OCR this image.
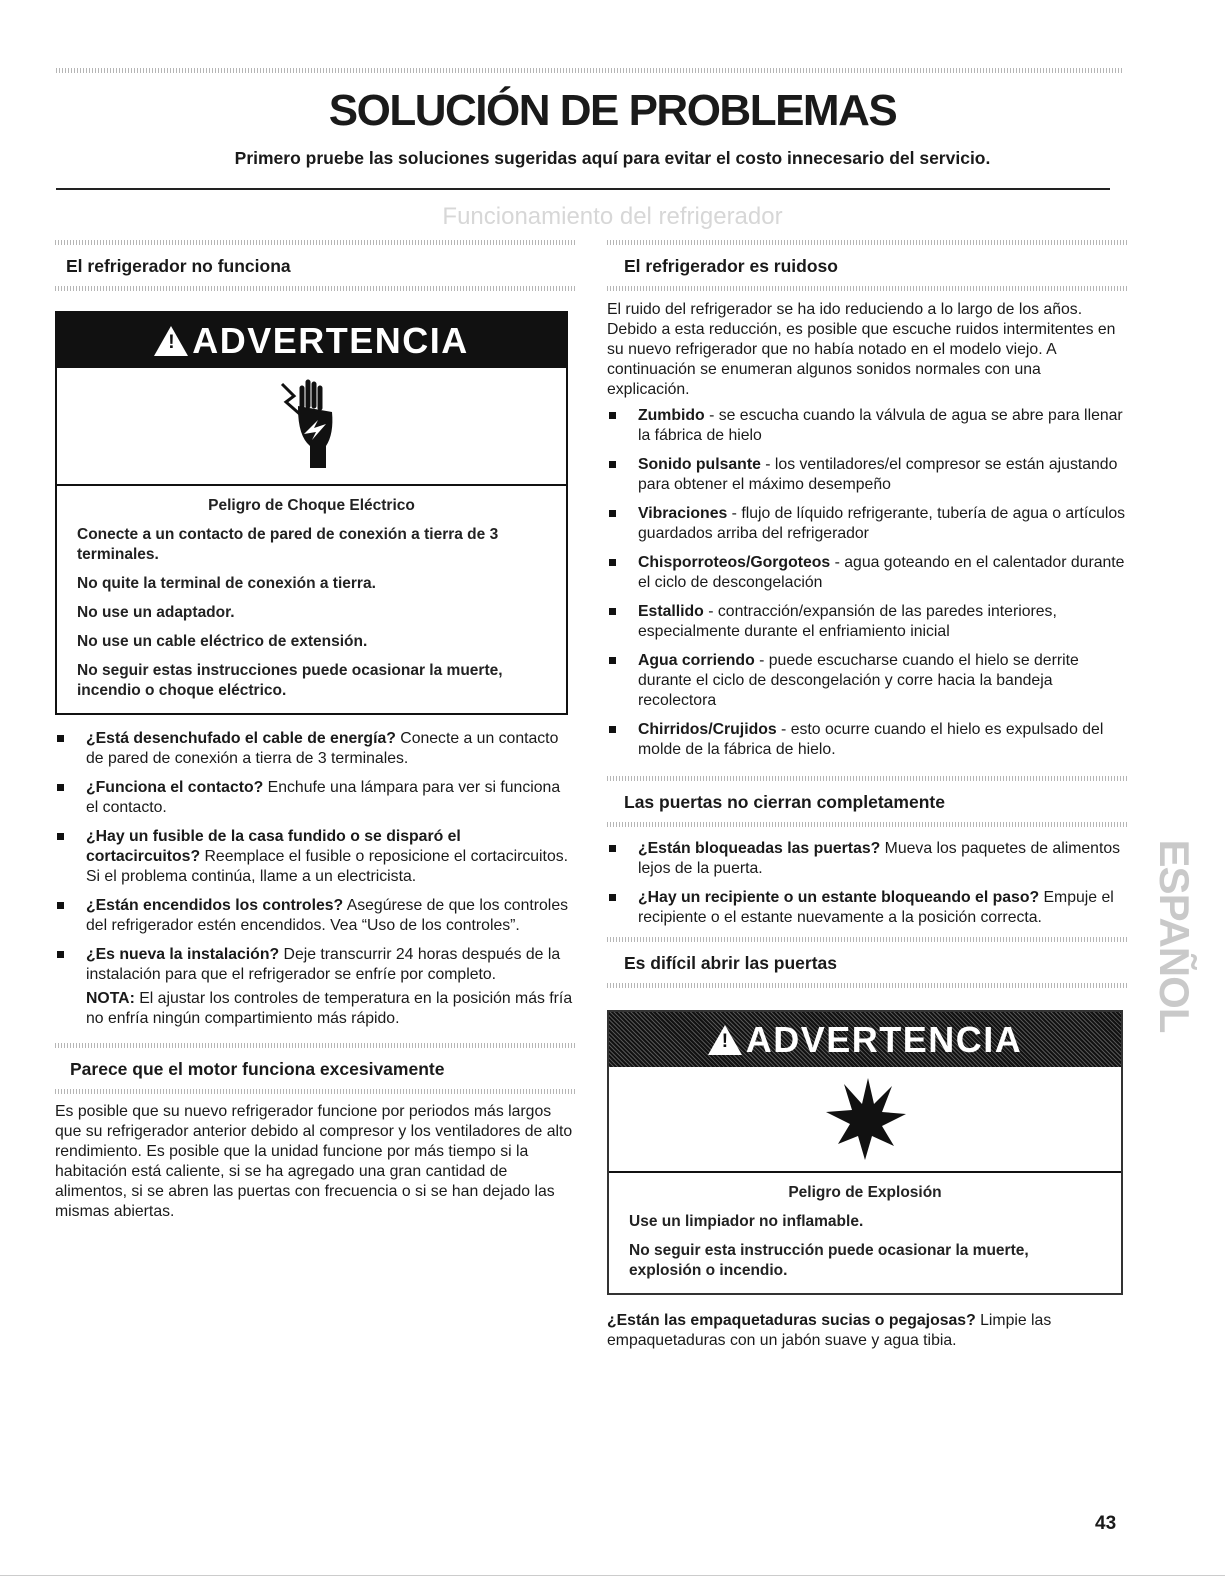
SOLUCIÓN DE PROBLEMAS
Primero pruebe las soluciones sugeridas aquí para evitar el costo innecesario del servicio.
Funcionamiento del refrigerador
El refrigerador no funciona
! ADVERTENCIA

Peligro de Choque Eléctrico

Conecte a un contacto de pared de conexión a tierra de 3 terminales.

No quite la terminal de conexión a tierra.

No use un adaptador.

No use un cable eléctrico de extensión.

No seguir estas instrucciones puede ocasionar la muerte, incendio o choque eléctrico.

¿Está desenchufado el cable de energía? Conecte a un contacto de pared de conexión a tierra de 3 terminales.
¿Funciona el contacto? Enchufe una lámpara para ver si funciona el contacto.
¿Hay un fusible de la casa fundido o se disparó el cortacircuitos? Reemplace el fusible o reposicione el cortacircuitos. Si el problema continúa, llame a un electricista.
¿Están encendidos los controles? Asegúrese de que los controles del refrigerador estén encendidos. Vea “Uso de los controles”.
¿Es nueva la instalación? Deje transcurrir 24 horas después de la instalación para que el refrigerador se enfríe por completo.
NOTA: El ajustar los controles de temperatura en la posición más fría no enfría ningún compartimiento más rápido.
Parece que el motor funciona excesivamente

Es posible que su nuevo refrigerador funcione por periodos más largos que su refrigerador anterior debido al compresor y los ventiladores de alto rendimiento. Es posible que la unidad funcione por más tiempo si la habitación está caliente, si se ha agregado una gran cantidad de alimentos, si se abren las puertas con frecuencia o si se han dejado las mismas abiertas.

El refrigerador es ruidoso

El ruido del refrigerador se ha ido reduciendo a lo largo de los años. Debido a esta reducción, es posible que escuche ruidos intermitentes en su nuevo refrigerador que no había notado en el modelo viejo. A continuación se enumeran algunos sonidos normales con una explicación.

Zumbido - se escucha cuando la válvula de agua se abre para llenar la fábrica de hielo
Sonido pulsante - los ventiladores/el compresor se están ajustando para obtener el máximo desempeño
Vibraciones - flujo de líquido refrigerante, tubería de agua o artículos guardados arriba del refrigerador
Chisporroteos/Gorgoteos - agua goteando en el calentador durante el ciclo de descongelación
Estallido - contracción/expansión de las paredes interiores, especialmente durante el enfriamiento inicial
Agua corriendo - puede escucharse cuando el hielo se derrite durante el ciclo de descongelación y corre hacia la bandeja recolectora
Chirridos/Crujidos - esto ocurre cuando el hielo es expulsado del molde de la fábrica de hielo.
Las puertas no cierran completamente
¿Están bloqueadas las puertas? Mueva los paquetes de alimentos lejos de la puerta.
¿Hay un recipiente o un estante bloqueando el paso? Empuje el recipiente o el estante nuevamente a la posición correcta.
Es difícil abrir las puertas
! ADVERTENCIA

Peligro de Explosión

Use un limpiador no inflamable.

No seguir esta instrucción puede ocasionar la muerte, explosión o incendio.

¿Están las empaquetaduras sucias o pegajosas? Limpie las empaquetaduras con un jabón suave y agua tibia.

ESPAÑOL
43
